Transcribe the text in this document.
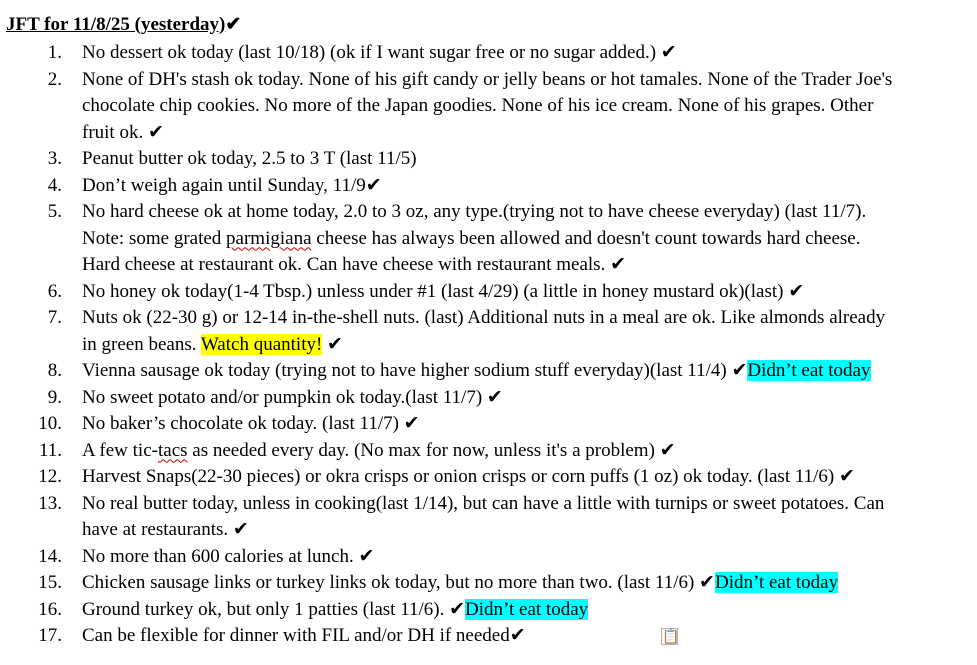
JFT for 11/8/25 (yesterday)✔
1. No dessert ok today (last 10/18) (ok if I want sugar free or no sugar added.) ✔
2. None of DH's stash ok today. None of his gift candy or jelly beans or hot tamales. None of the Trader Joe's
chocolate chip cookies. No more of the Japan goodies. None of his ice cream. None of his grapes. Other
fruit ok. ✔
3. Peanut butter ok today, 2.5 to 3 T (last 11/5)
4. Don’t weigh again until Sunday, 11/9✔
5. No hard cheese ok at home today, 2.0 to 3 oz, any type.(trying not to have cheese everyday) (last 11/7).
Note: some grated parmigiana cheese has always been allowed and doesn't count towards hard cheese.
Hard cheese at restaurant ok. Can have cheese with restaurant meals. ✔
6. No honey ok today(1-4 Tbsp.) unless under #1 (last 4/29) (a little in honey mustard ok)(last) ✔
7. Nuts ok (22-30 g) or 12-14 in-the-shell nuts. (last) Additional nuts in a meal are ok. Like almonds already
in green beans. Watch quantity! ✔
8. Vienna sausage ok today (trying not to have higher sodium stuff everyday)(last 11/4) ✔Didn’t eat today
9. No sweet potato and/or pumpkin ok today.(last 11/7) ✔
10. No baker’s chocolate ok today. (last 11/7) ✔
11. A few tic-tacs as needed every day. (No max for now, unless it's a problem) ✔
12. Harvest Snaps(22-30 pieces) or okra crisps or onion crisps or corn puffs (1 oz) ok today. (last 11/6) ✔
13. No real butter today, unless in cooking(last 1/14), but can have a little with turnips or sweet potatoes. Can
have at restaurants. ✔
14. No more than 600 calories at lunch. ✔
15. Chicken sausage links or turkey links ok today, but no more than two. (last 11/6) ✔Didn’t eat today
16. Ground turkey ok, but only 1 patties (last 11/6). ✔Didn’t eat today
17. Can be flexible for dinner with FIL and/or DH if needed✔	📋
